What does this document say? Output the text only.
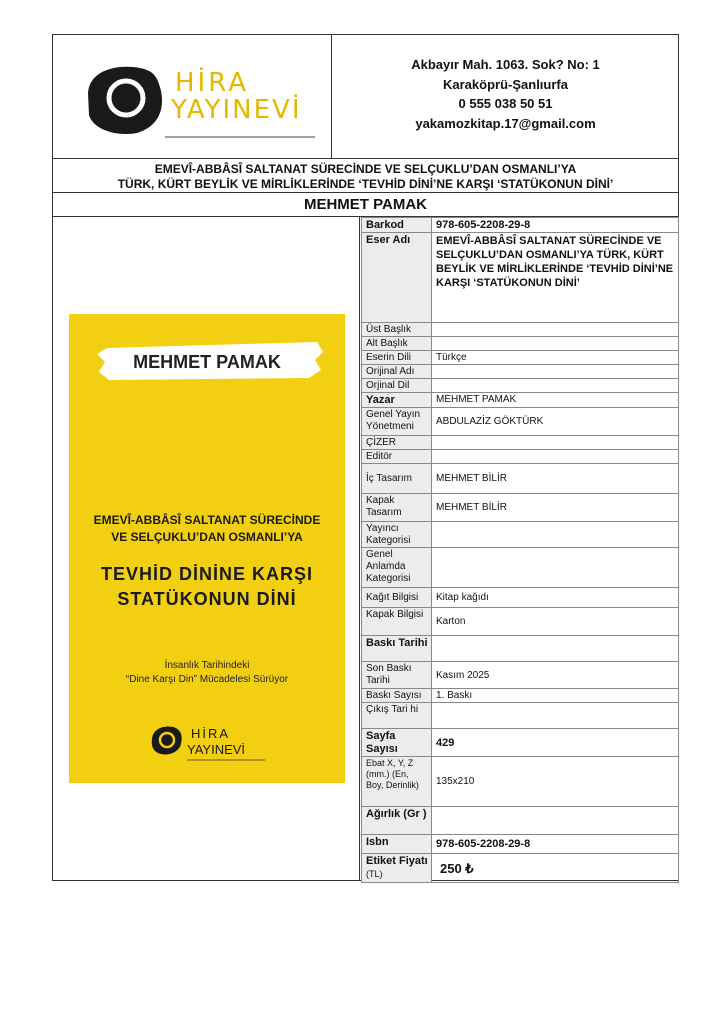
HİRA
YAYINEVİ
Akbayır Mah. 1063. Sok? No: 1
Karaköprü-Şanlıurfa
0 555 038 50 51
yakamozkitap.17@gmail.com
EMEVÎ-ABBÂSÎ SALTANAT SÜRECİNDE VE SELÇUKLU’DAN OSMANLI’YA
TÜRK, KÜRT BEYLİK VE MİRLİKLERİNDE ‘TEVHİD DİNİ’NE KARŞI ‘STATÜKONUN DİNİ’
MEHMET PAMAK
MEHMET PAMAK
EMEVÎ-ABBÂSÎ SALTANAT SÜRECİNDE
VE SELÇUKLU’DAN OSMANLI’YA
TEVHİD DİNİNE KARŞI
STATÜKONUN DİNİ
İnsanlık Tarihindeki
“Dine Karşı Din” Mücadelesi Sürüyor
HİRA
YAYINEVİ
Barkod	978-605-2208-29-8
Eser Adı	EMEVÎ-ABBÂSÎ SALTANAT SÜRECİNDE VE SELÇUKLU’DAN OSMANLI’YA TÜRK, KÜRT BEYLİK VE MİRLİKLERİNDE ‘TEVHİD DİNİ’NE KARŞI ‘STATÜKONUN DİNİ’
Üst Başlık	
Alt Başlık	
Eserin Dili	Türkçe
Orijinal Adı	
Orjinal Dil	
Yazar	MEHMET PAMAK
Genel Yayın Yönetmeni	ABDULAZİZ GÖKTÜRK
ÇİZER	
Editör	
İç Tasarım	MEHMET BİLİR
Kapak Tasarım	MEHMET BİLİR
Yayıncı Kategorisi	
Genel Anlamda Kategorisi	
Kağıt Bilgisi	Kitap kağıdı
Kapak Bilgisi	Karton
Baskı Tarihi	
Son Baskı Tarihi	Kasım 2025
Baskı Sayısı	1. Baskı
Çıkış Tari hi	
Sayfa Sayısı	429
Ebat X, Y, Z (mm.) (En, Boy, Derinlik)	135x210
Ağırlık (Gr )	
Isbn	978-605-2208-29-8
Etiket Fiyatı (TL)	250 ₺
